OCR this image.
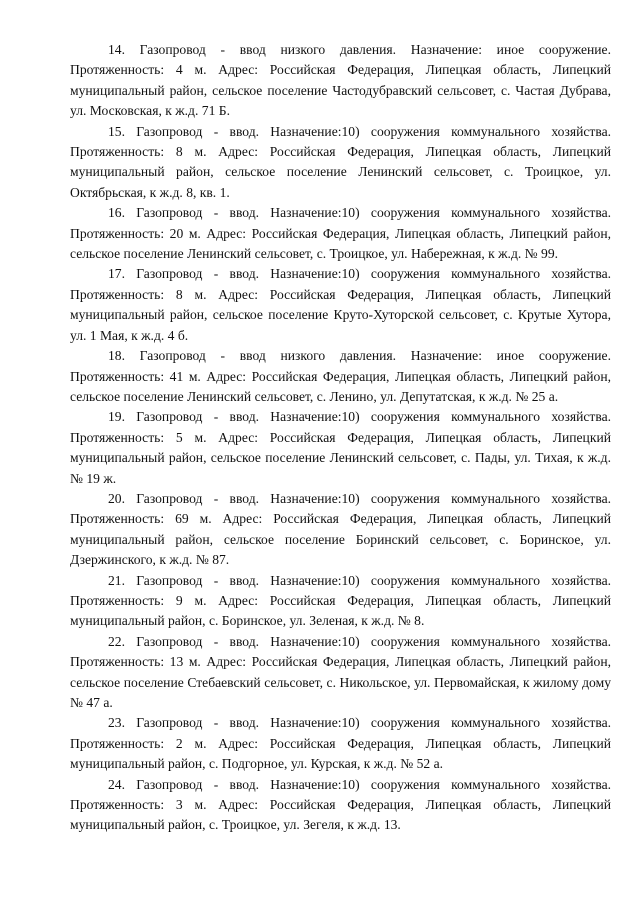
14. Газопровод - ввод низкого давления. Назначение: иное сооружение. Протяженность: 4 м. Адрес: Российская Федерация, Липецкая область, Липецкий муниципальный район, сельское поселение Частодубравский сельсовет, с. Частая Дубрава, ул. Московская, к ж.д. 71 Б.

15. Газопровод - ввод. Назначение:10) сооружения коммунального хозяйства. Протяженность: 8 м. Адрес: Российская Федерация, Липецкая область, Липецкий муниципальный район, сельское поселение Ленинский сельсовет, с. Троицкое, ул. Октябрьская, к ж.д. 8, кв. 1.

16. Газопровод - ввод. Назначение:10) сооружения коммунального хозяйства. Протяженность: 20 м. Адрес: Российская Федерация, Липецкая область, Липецкий район, сельское поселение Ленинский сельсовет, с. Троицкое, ул. Набережная, к ж.д. № 99.

17. Газопровод - ввод. Назначение:10) сооружения коммунального хозяйства. Протяженность: 8 м. Адрес: Российская Федерация, Липецкая область, Липецкий муниципальный район, сельское поселение Круто-Хуторской сельсовет, с. Крутые Хутора, ул. 1 Мая, к ж.д. 4 б.

18. Газопровод - ввод низкого давления. Назначение: иное сооружение. Протяженность: 41 м. Адрес: Российская Федерация, Липецкая область, Липецкий район, сельское поселение Ленинский сельсовет, с. Ленино, ул. Депутатская, к ж.д. № 25 а.

19. Газопровод - ввод. Назначение:10) сооружения коммунального хозяйства. Протяженность: 5 м. Адрес: Российская Федерация, Липецкая область, Липецкий муниципальный район, сельское поселение Ленинский сельсовет, с. Пады, ул. Тихая, к ж.д. № 19 ж.

20. Газопровод - ввод. Назначение:10) сооружения коммунального хозяйства. Протяженность: 69 м. Адрес: Российская Федерация, Липецкая область, Липецкий муниципальный район, сельское поселение Боринский сельсовет, с. Боринское, ул. Дзержинского, к ж.д. № 87.

21. Газопровод - ввод. Назначение:10) сооружения коммунального хозяйства. Протяженность: 9 м. Адрес: Российская Федерация, Липецкая область, Липецкий муниципальный район, с. Боринское, ул. Зеленая, к ж.д. № 8.

22. Газопровод - ввод. Назначение:10) сооружения коммунального хозяйства. Протяженность: 13 м. Адрес: Российская Федерация, Липецкая область, Липецкий район, сельское поселение Стебаевский сельсовет, с. Никольское, ул. Первомайская, к жилому дому № 47 а.

23. Газопровод - ввод. Назначение:10) сооружения коммунального хозяйства. Протяженность: 2 м. Адрес: Российская Федерация, Липецкая область, Липецкий муниципальный район, с. Подгорное, ул. Курская, к ж.д. № 52 а.

24. Газопровод - ввод. Назначение:10) сооружения коммунального хозяйства. Протяженность: 3 м. Адрес: Российская Федерация, Липецкая область, Липецкий муниципальный район, с. Троицкое, ул. Зегеля, к ж.д. 13.
